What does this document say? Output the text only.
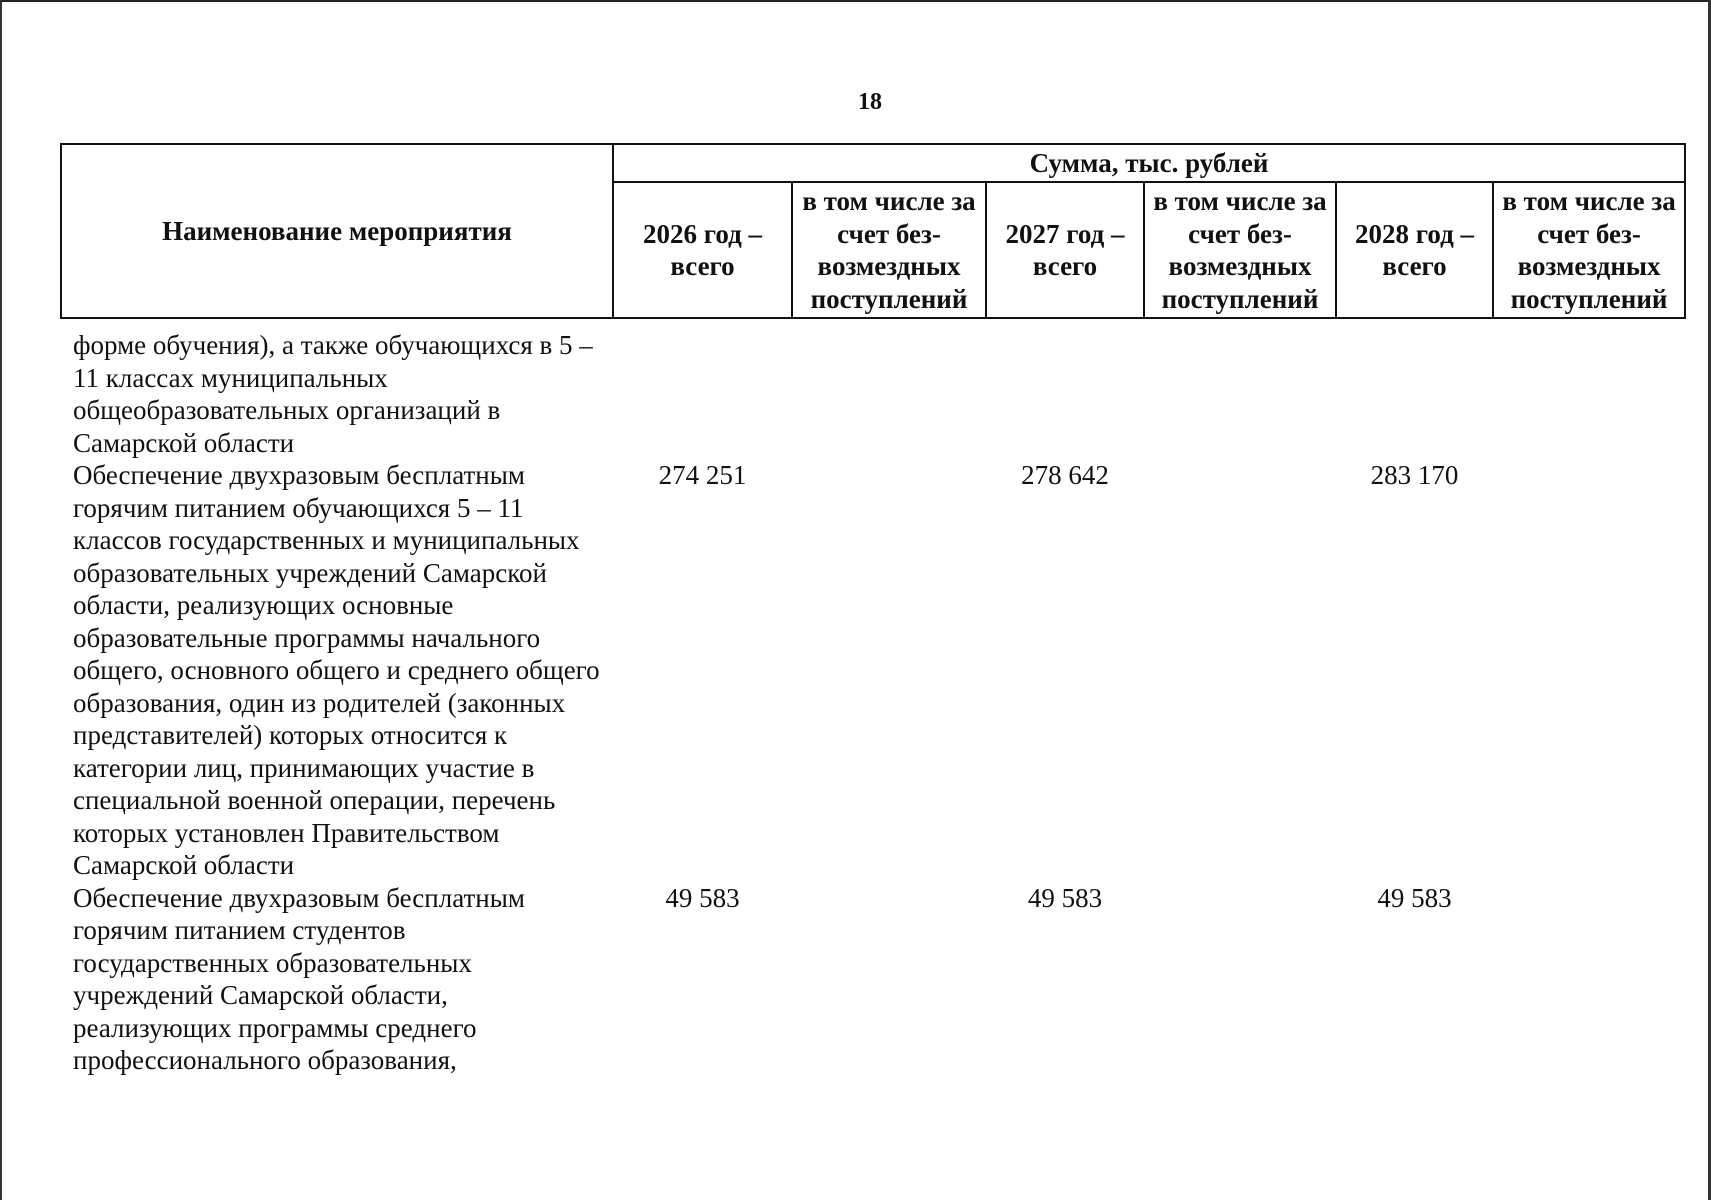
18
Наименование мероприятия	Сумма, тыс. рублей					
	2026 год – всего	в том числе за счет без-возмездных поступлений	2027 год – всего	в том числе за счет без-возмездных поступлений	2028 год – всего	в том числе за счет без-возмездных поступлений
форме обучения), а также обучающихся в 5 – 11 классах муниципальных общеобразовательных организаций в Самарской области						
Обеспечение двухразовым бесплатным горячим питанием обучающихся 5 – 11 классов государственных и муниципальных образовательных учреждений Самарской области, реализующих основные образовательные программы начального общего, основного общего и среднего общего образования, один из родителей (законных представителей) которых относится к категории лиц, принимающих участие в специальной военной операции, перечень которых установлен Правительством Самарской области	274 251		278 642		283 170	
Обеспечение двухразовым бесплатным горячим питанием студентов государственных образовательных учреждений Самарской области, реализующих программы среднего профессионального образования,	49 583		49 583		49 583	
